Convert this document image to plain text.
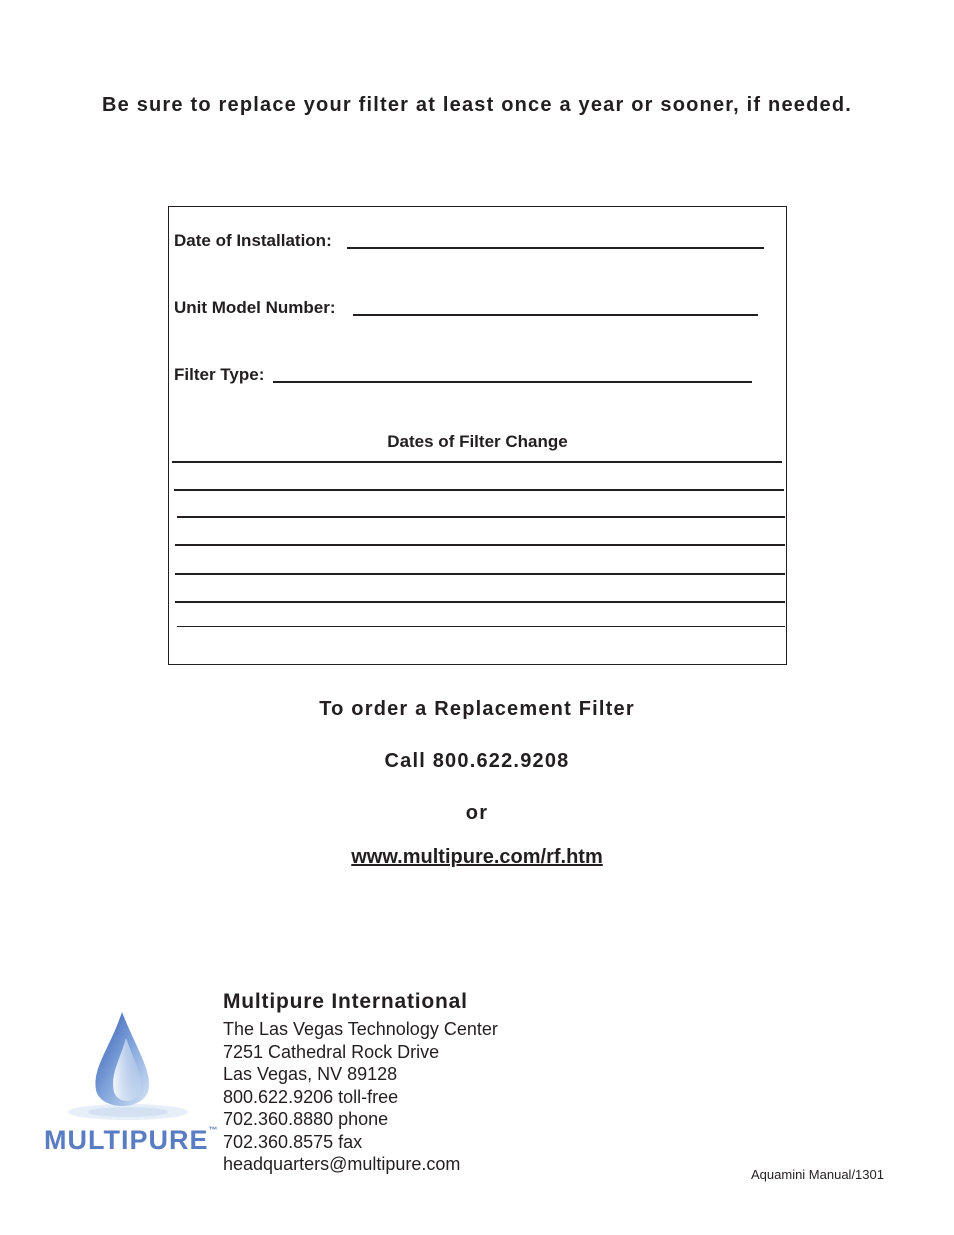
Be sure to replace your filter at least once a year or sooner, if needed.
Date of Installation:
Unit Model Number:
Filter Type:
Dates of Filter Change
To order a Replacement Filter
Call 800.622.9208
or
www.multipure.com/rf.htm
MULTIPURE™
Multipure International
The Las Vegas Technology Center
7251 Cathedral Rock Drive
Las Vegas, NV 89128
800.622.9206 toll-free
702.360.8880 phone
702.360.8575 fax
headquarters@multipure.com
Aquamini Manual/1301
